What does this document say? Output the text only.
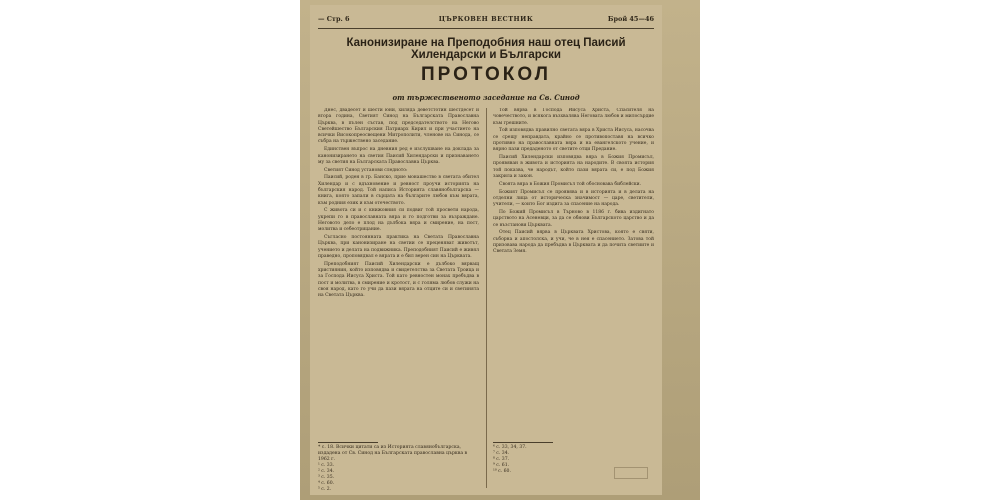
— Стр. 6	ЦЪРКОВЕН ВЕСТНИК	Брой 45—46
Канонизиране на Преподобния наш отец Паисий Хилендарски и Български
ПРОТОКОЛ
от тържественото заседание на Св. Синод

Днес, двадесет и шести юни, хиляда деветстотин шестдесет и втора година, Светият Синод на Българската Православна Църква, в пълен състав, под председателството на Негово Светейшество Българския Патриарх Кирил и при участието на всички Високопреосвещени Митрополити, членове на Синода, се събра на тържествено заседание.

Единствен въпрос на дневния ред е изслушване на доклада за канонизирането на светия Паисий Хилендарски и признаването му за светия на Българската Православна Църква.

Светият Синод установи следното:

Паисий, роден в гр. Банско, прие монашество в светата обител Хилендар и с вдъхновение и ревност проучи историята на българския народ. Той написа Историята славянобългарска — книга, която запали в сърцата на българите любов към вярата, към родния език и към отечеството.

С живота си и с книжовния си подвиг той просвети народа, укрепи го в православната вяра и го подготви за възраждане. Неговото дело е плод на дълбока вяра и смирение, на пост, молитва и себеотрицание.

Съгласно постоянната практика на Светата Православна Църква, при канонизиране на светии се преценяват животът, учението и делата на подвижника. Преподобният Паисий е живял праведно, проповядвал е вярата и е бил верен син на Църквата.

Преподобният Паисий Хилендарски е дълбоко вярващ християнин, който изповядва и свидетелства за Светата Троица и за Господа Иисуса Христа. Той като ревностен монах пребъдва в пост и молитва, в смирение и кротост, и с голяма любов служи на своя народ, като го учи да пази вярата на отците си и светинята на Светата Църква.

Той вярва в Господа Иисуса Христа, Спасителя на човечеството, и всякога възхвалява Неговата любов и милосърдие към грешните.

Той изповядва правилно светата вяра в Христа Иисуса, насочва се срещу неправдата, крайно се противопоставя на всичко противно на православната вяра и на евангелското учение, и вярно пази предаденото от светите отци Предание.

Паисий Хилендарски изповядва вяра в Божия Промисъл, проявяван в живота и историята на народите. В своята история той показва, че народът, който пази вярата си, е под Божия закрила и закон.

Своята вяра в Божия Промисъл той обосновава библейски.

Божият Промисъл се проявява и в историята и в делата на отделни лица от историческа значимост — царе, светители, учители, — които Бог издига за спасение на народа.

По Божий Промисъл в Търново в 1186 г. бива издигнато царството на Асеневци, за да се обнови Българското царство и да се възстанови Църквата.

Отец Паисий вярва в Църквата Христова, която е святи, съборна и апостолска, и учи, че в нея е спасението. Затова той призовава народа да пребъдва в Църквата и да почита светиите и Светата Земя.

* с. 18. Всички цитати са из Историята славянобългарска, издадена от Св. Синод на Българската православна църква в 1962 г.
¹ с. 33.
² с. 34.
³ с. 35.
⁴ с. 60.
⁵ с. 2.
⁶ с. 33, 34, 37.
⁷ с. 34.
⁸ с. 37.
⁹ с. 61.
¹⁰ с. 60.
